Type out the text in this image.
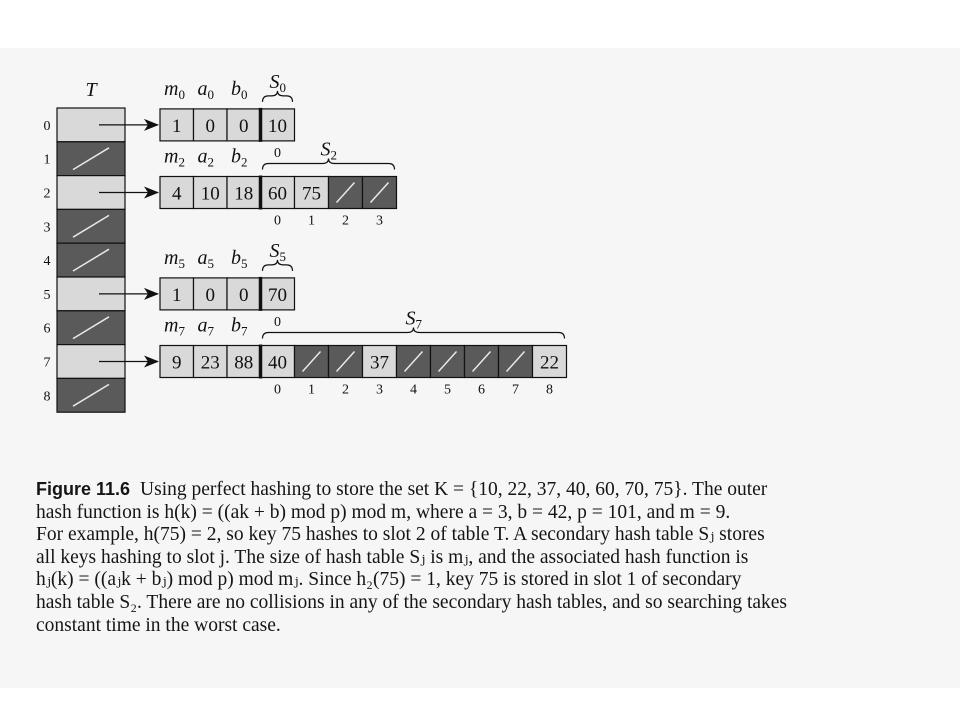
T
0
1
2
3
4
5
6
7
8
$m_0$ $a_0$ $b_0$
1 0 0 10
0
$S_0$
$m_2$ $a_2$ $b_2$
4 10 18 60
0
75
1 2 3
$S_2$
$m_5$ $a_5$ $b_5$
1 0 0 70
0
$S_5$
$m_7$ $a_7$ $b_7$
9 23 88 40
0 1 2
37
3 4 5 6 7
22
8
$S_7$
Figure 11.6 Using perfect hashing to store the set K = {10, 22, 37, 40, 60, 70, 75}. The outer
hash function is h(k) = ((ak + b) mod p) mod m, where a = 3, b = 42, p = 101, and m = 9.
For example, h(75) = 2, so key 75 hashes to slot 2 of table T. A secondary hash table Sⱼ stores
all keys hashing to slot j. The size of hash table Sⱼ is mⱼ, and the associated hash function is
hⱼ(k) = ((aⱼk + bⱼ) mod p) mod mⱼ. Since h₂(75) = 1, key 75 is stored in slot 1 of secondary
hash table S₂. There are no collisions in any of the secondary hash tables, and so searching takes
constant time in the worst case.
